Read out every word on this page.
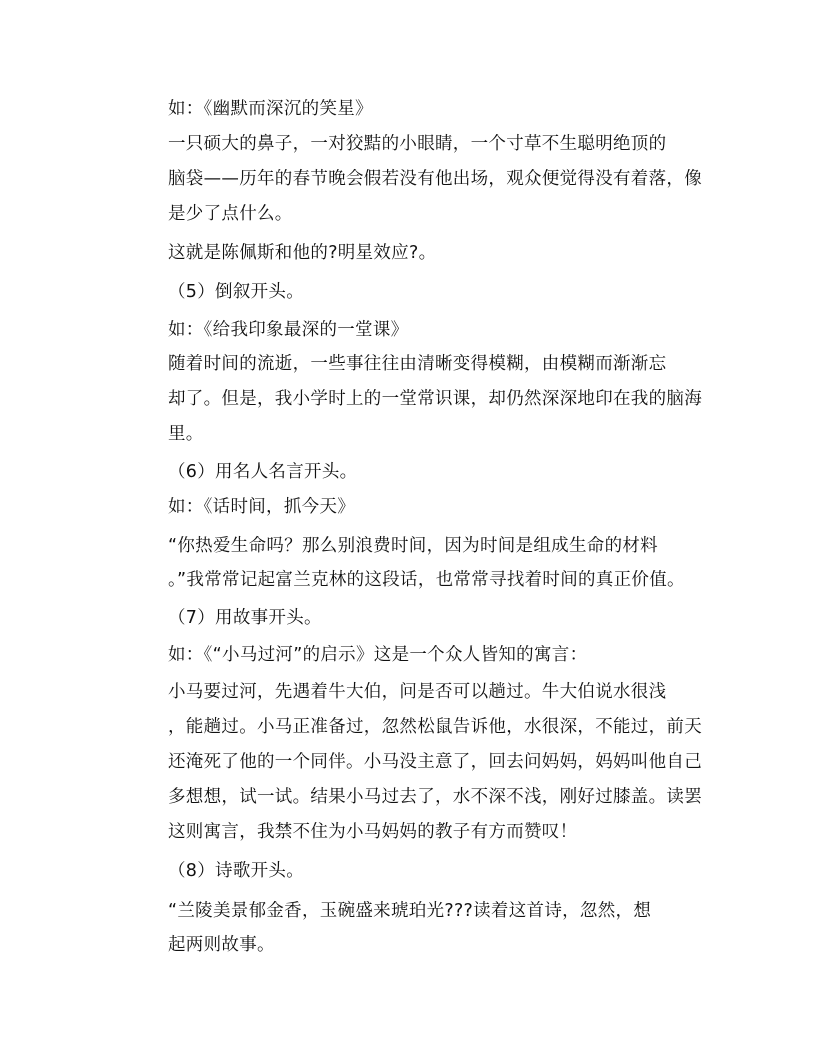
如：《幽默而深沉的笑星》
一只硕大的鼻子，一对狡黠的小眼睛，一个寸草不生聪明绝顶的
脑袋——历年的春节晚会假若没有他出场，观众便觉得没有着落，像
是少了点什么。
这就是陈佩斯和他的?明星效应?。
（5）倒叙开头。
如：《给我印象最深的一堂课》
随着时间的流逝，一些事往往由清晰变得模糊，由模糊而渐渐忘
却了。但是，我小学时上的一堂常识课，却仍然深深地印在我的脑海
里。
（6）用名人名言开头。
如：《话时间，抓今天》
“你热爱生命吗？那么别浪费时间，因为时间是组成生命的材料
。”我常常记起富兰克林的这段话，也常常寻找着时间的真正价值。
（7）用故事开头。
如：《“小马过河”的启示》这是一个众人皆知的寓言：
小马要过河，先遇着牛大伯，问是否可以趟过。牛大伯说水很浅
，能趟过。小马正准备过，忽然松鼠告诉他，水很深，不能过，前天
还淹死了他的一个同伴。小马没主意了，回去问妈妈，妈妈叫他自己
多想想，试一试。结果小马过去了，水不深不浅，刚好过膝盖。读罢
这则寓言，我禁不住为小马妈妈的教子有方而赞叹！
（8）诗歌开头。
“兰陵美景郁金香，玉碗盛来琥珀光???读着这首诗，忽然，想
起两则故事。
